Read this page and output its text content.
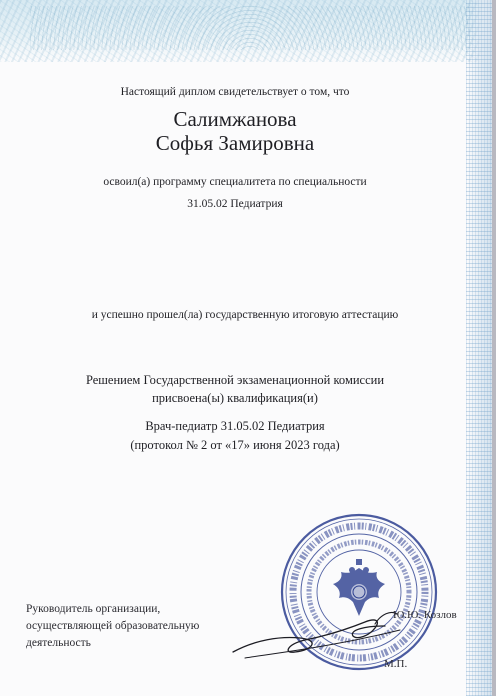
Настоящий диплом свидетельствует о том, что
Салимжанова
Софья Замировна
освоил(а) программу специалитета по специальности
31.05.02 Педиатрия
и успешно прошел(ла) государственную итоговую аттестацию
Решением Государственной экзаменационной комиссии
присвоена(ы) квалификация(и)
Врач-педиатр 31.05.02 Педиатрия
(протокол № 2 от «17» июня 2023 года)
Руководитель организации,
осуществляющей образовательную
деятельность
Ю.Ю. Козлов
М.П.
